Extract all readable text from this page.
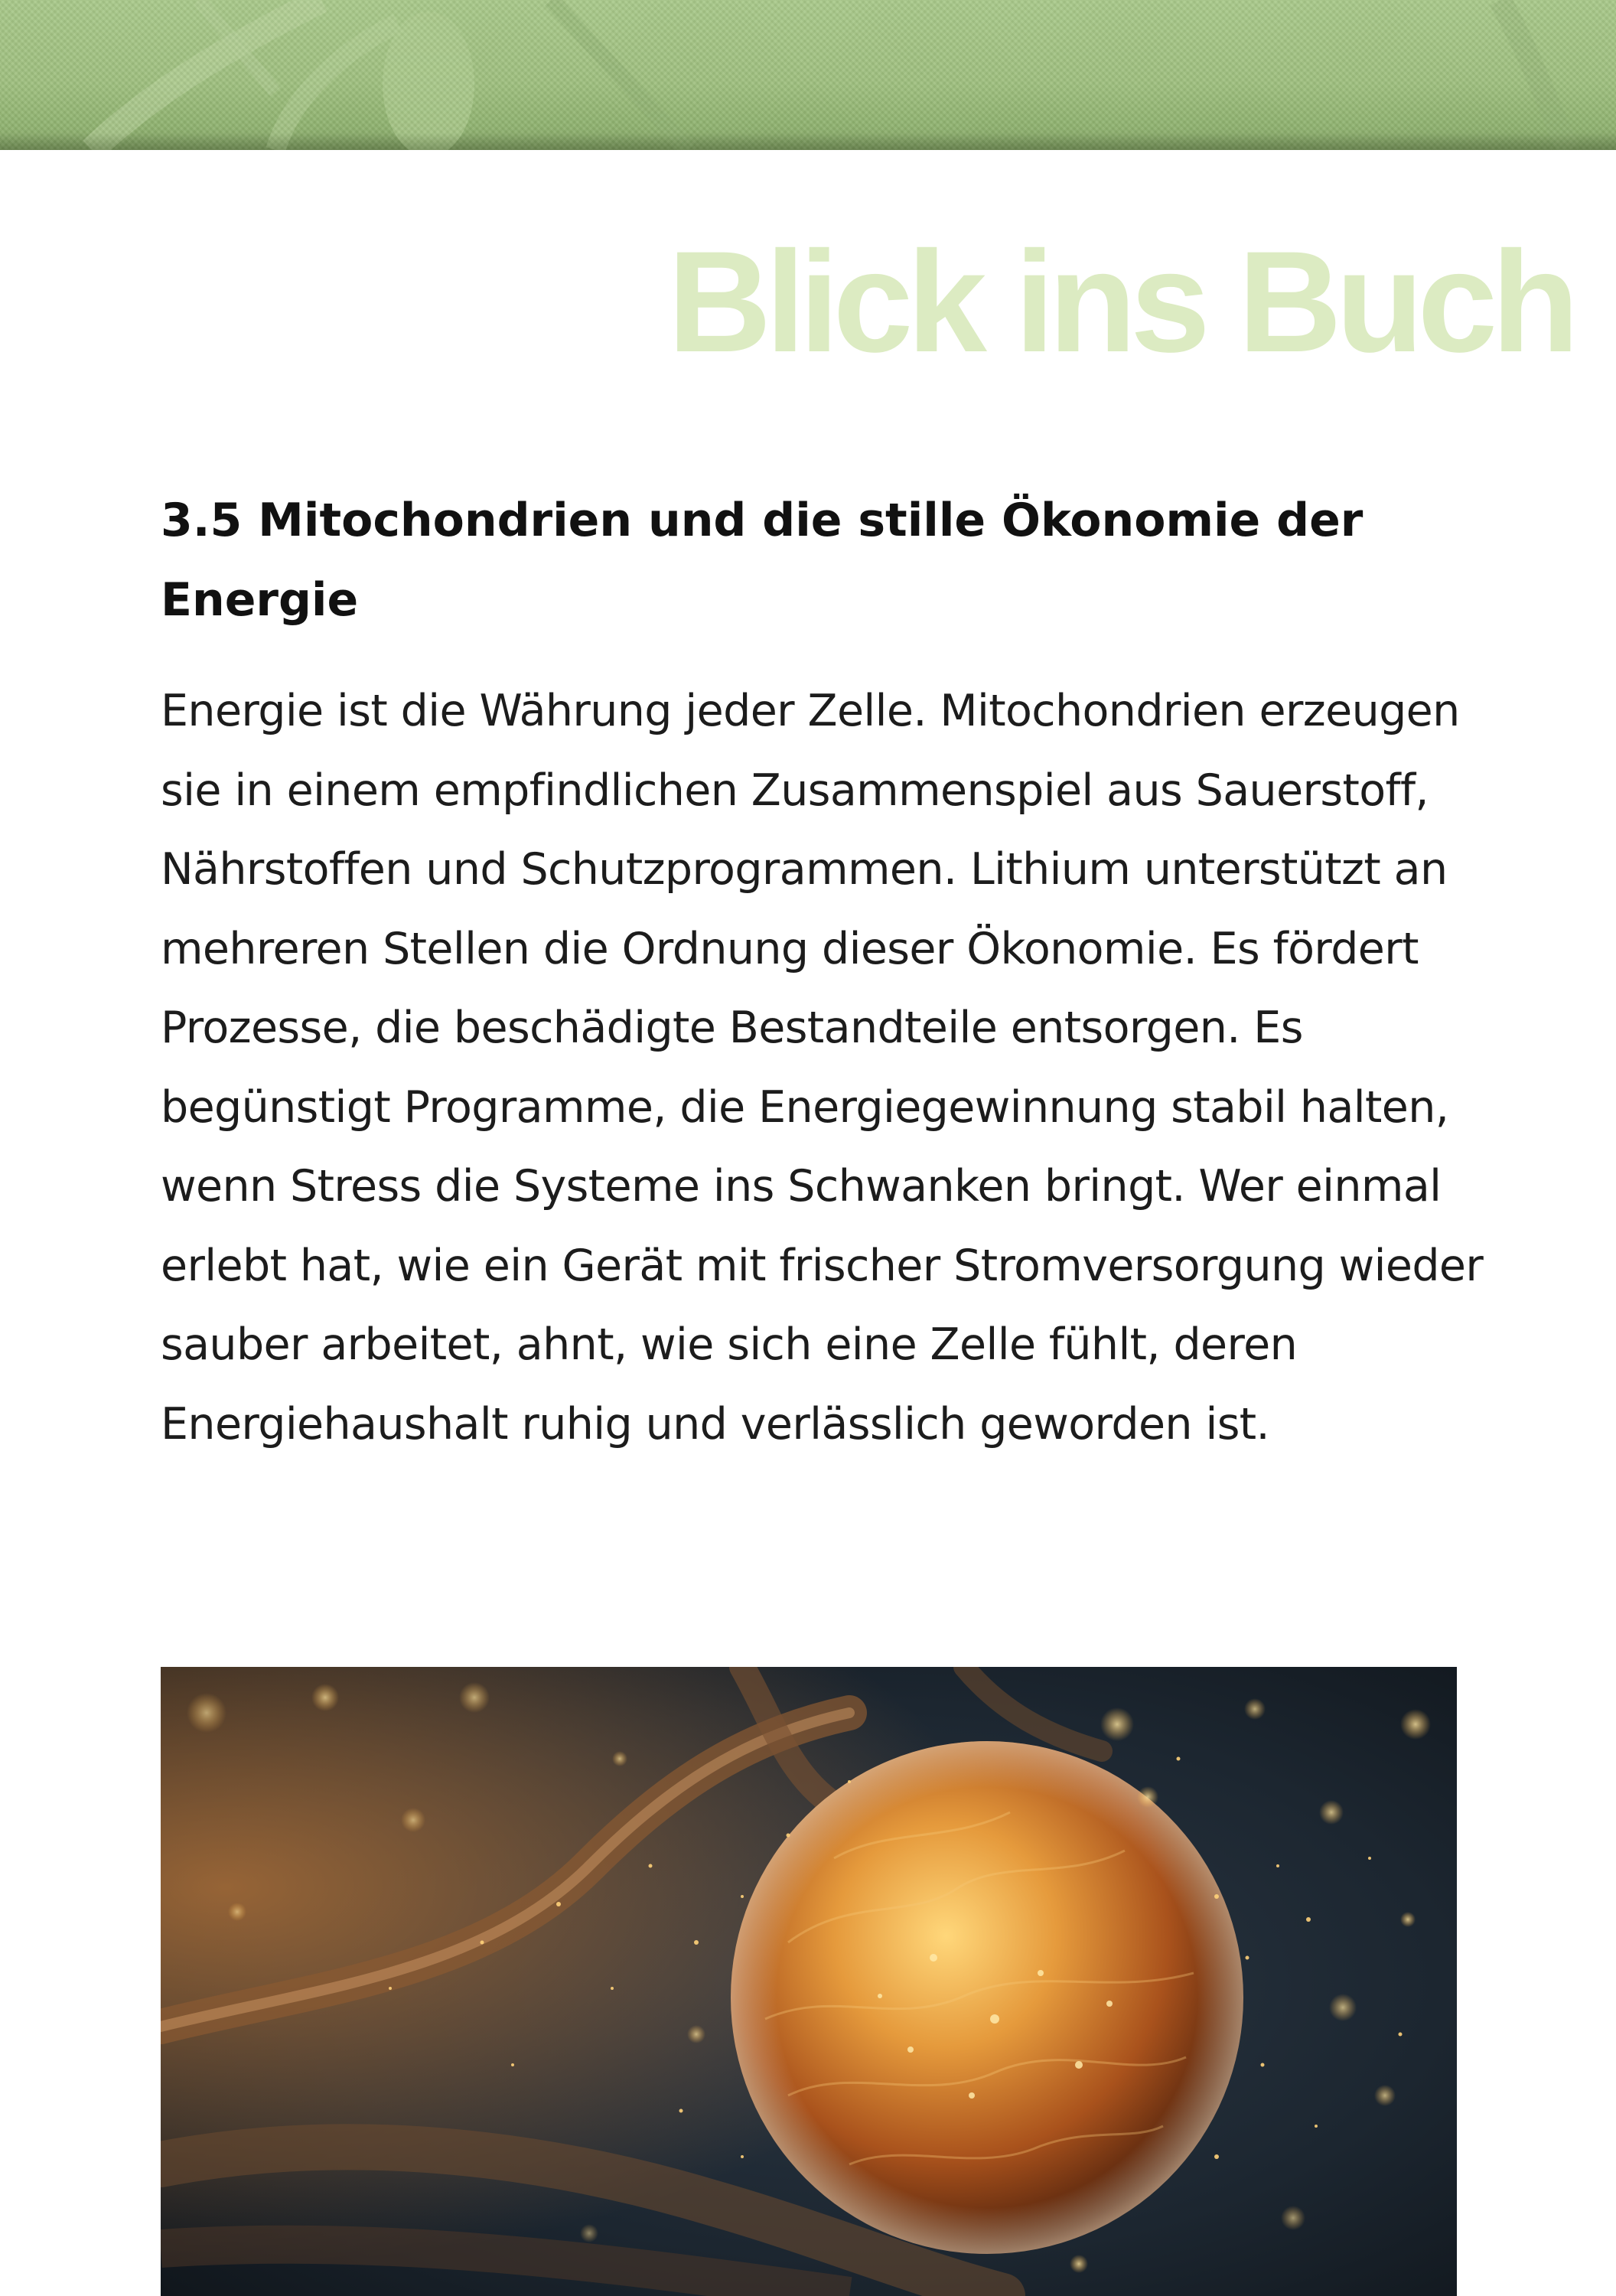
Blick ins Buch
3.5 Mitochondrien und die stille Ökonomie der Energie

Energie ist die Währung jeder Zelle. Mitochondrien erzeugen sie in einem empfindlichen Zusammenspiel aus Sauerstoff, Nährstoffen und Schutzprogrammen. Lithium unterstützt an mehreren Stellen die Ordnung dieser Ökonomie. Es fördert Prozesse, die beschädigte Bestandteile entsorgen. Es begünstigt Programme, die Energiegewinnung stabil halten, wenn Stress die Systeme ins Schwanken bringt. Wer einmal erlebt hat, wie ein Gerät mit frischer Stromversorgung wieder sauber arbeitet, ahnt, wie sich eine Zelle fühlt, deren Energiehaushalt ruhig und verlässlich geworden ist.
